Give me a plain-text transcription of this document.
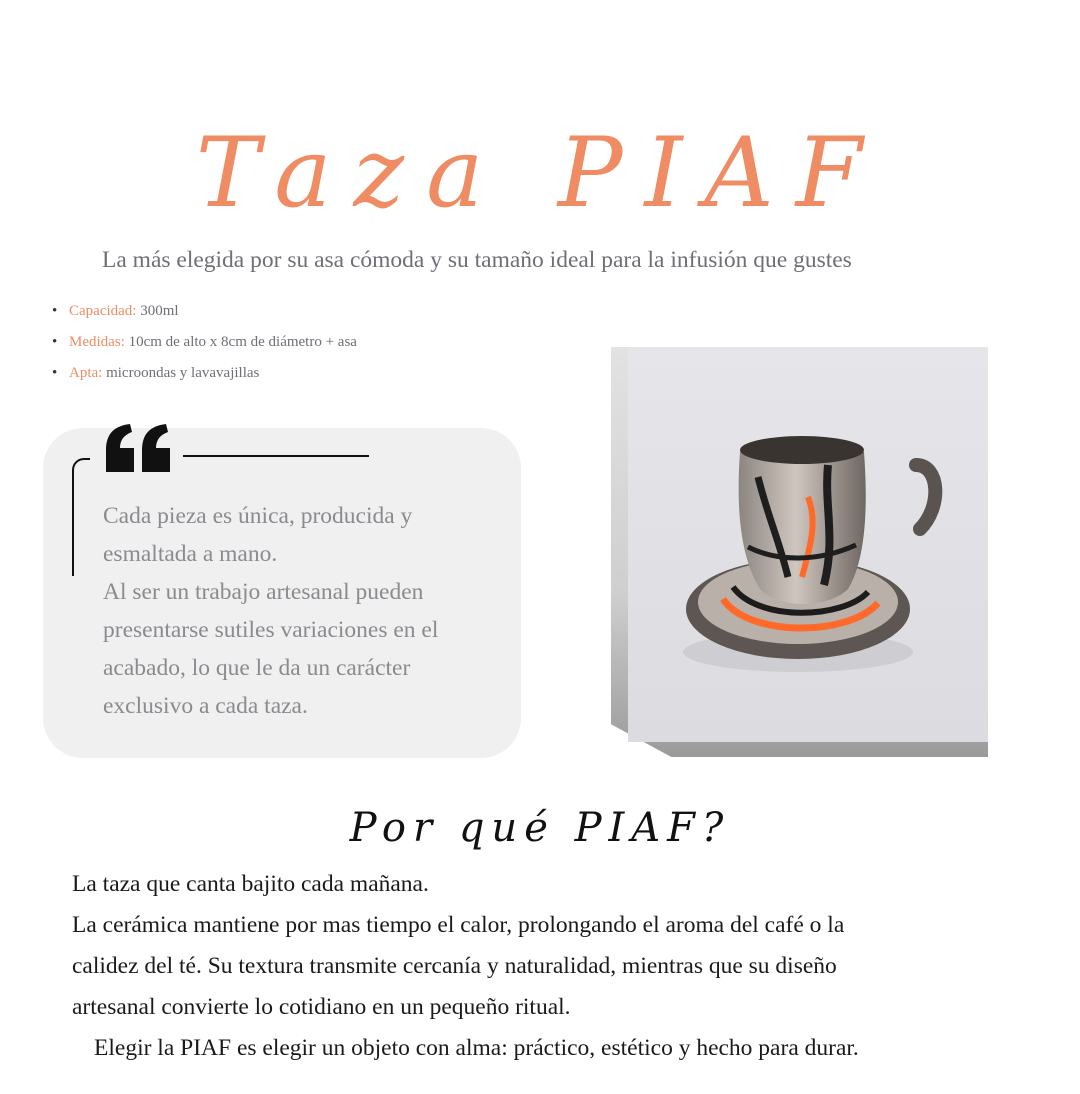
Taza PIAF
La más elegida por su asa cómoda y su tamaño ideal para la infusión que gustes
• Capacidad: 300ml
• Medidas: 10cm de alto x 8cm de diámetro + asa
• Apta: microondas y lavavajillas

Cada pieza es única, producida y esmaltada a mano.

Al ser un trabajo artesanal pueden presentarse sutiles variaciones en el acabado, lo que le da un carácter exclusivo a cada taza.

Por qué PIAF?

La taza que canta bajito cada mañana.

La cerámica mantiene por mas tiempo el calor, prolongando el aroma del café o la

calidez del té. Su textura transmite cercanía y naturalidad, mientras que su diseño

artesanal convierte lo cotidiano en un pequeño ritual.

Elegir la PIAF es elegir un objeto con alma: práctico, estético y hecho para durar.
